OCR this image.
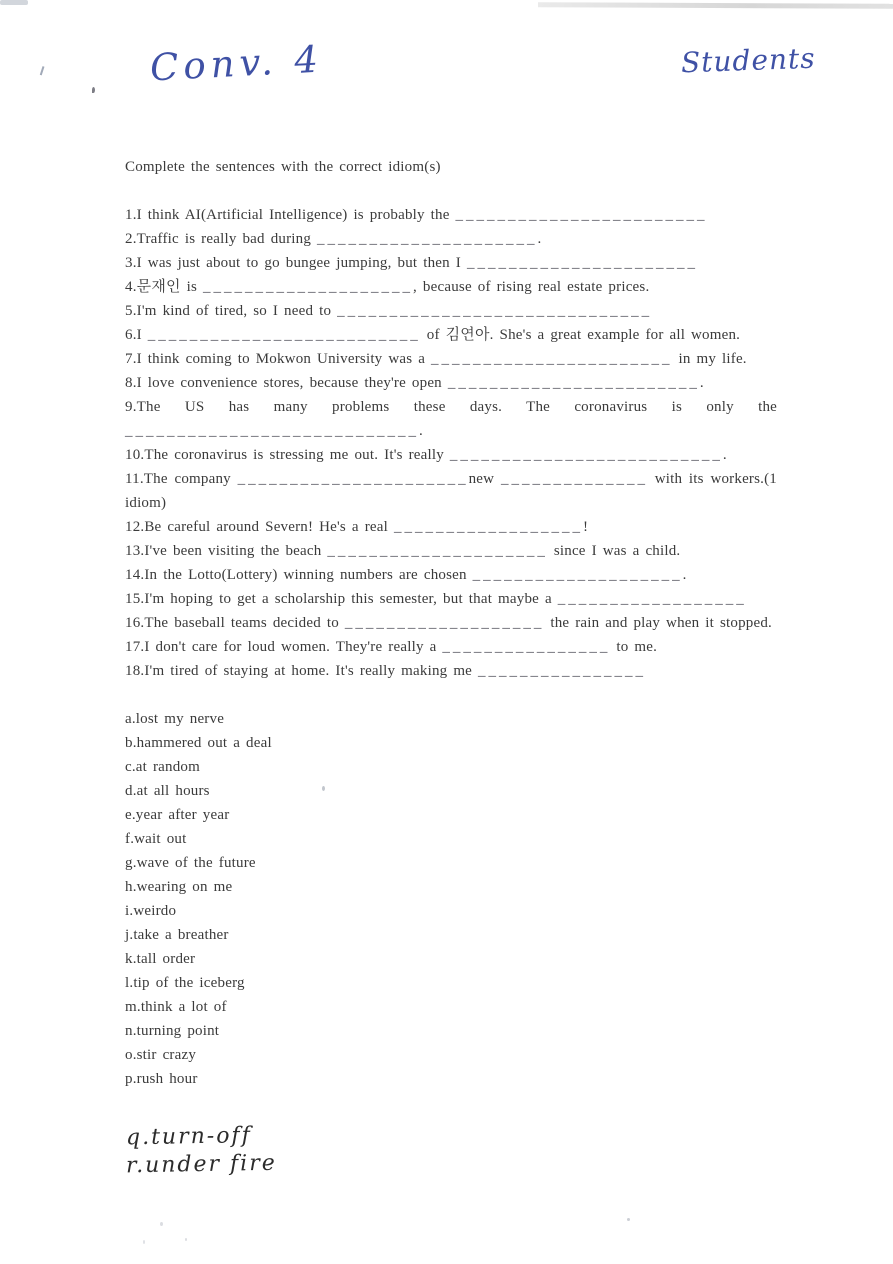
Conv. 4	Students

Complete the sentences with the correct idiom(s)

1.I think AI(Artificial Intelligence) is probably the ________________________

2.Traffic is really bad during _____________________.

3.I was just about to go bungee jumping, but then I ______________________

4.문재인 is ____________________, because of rising real estate prices.

5.I'm kind of tired, so I need to ______________________________

6.I __________________________ of 김연아. She's a great example for all women.

7.I think coming to Mokwon University was a _______________________ in my life.

8.I love convenience stores, because they're open ________________________.

9.The US has many problems these days. The coronavirus is only the ____________________________.

10.The coronavirus is stressing me out. It's really __________________________.

11.The company ______________________new ______________ with its workers.(1 idiom)

12.Be careful around Severn! He's a real __________________!

13.I've been visiting the beach _____________________ since I was a child.

14.In the Lotto(Lottery) winning numbers are chosen ____________________.

15.I'm hoping to get a scholarship this semester, but that maybe a __________________

16.The baseball teams decided to ___________________ the rain and play when it stopped.

17.I don't care for loud women. They're really a ________________ to me.

18.I'm tired of staying at home. It's really making me ________________

a.lost my nerve

b.hammered out a deal

c.at random

d.at all hours

e.year after year

f.wait out

g.wave of the future

h.wearing on me

i.weirdo

j.take a breather

k.tall order

l.tip of the iceberg

m.think a lot of

n.turning point

o.stir crazy

p.rush hour

q.turn-off

r.under fire
